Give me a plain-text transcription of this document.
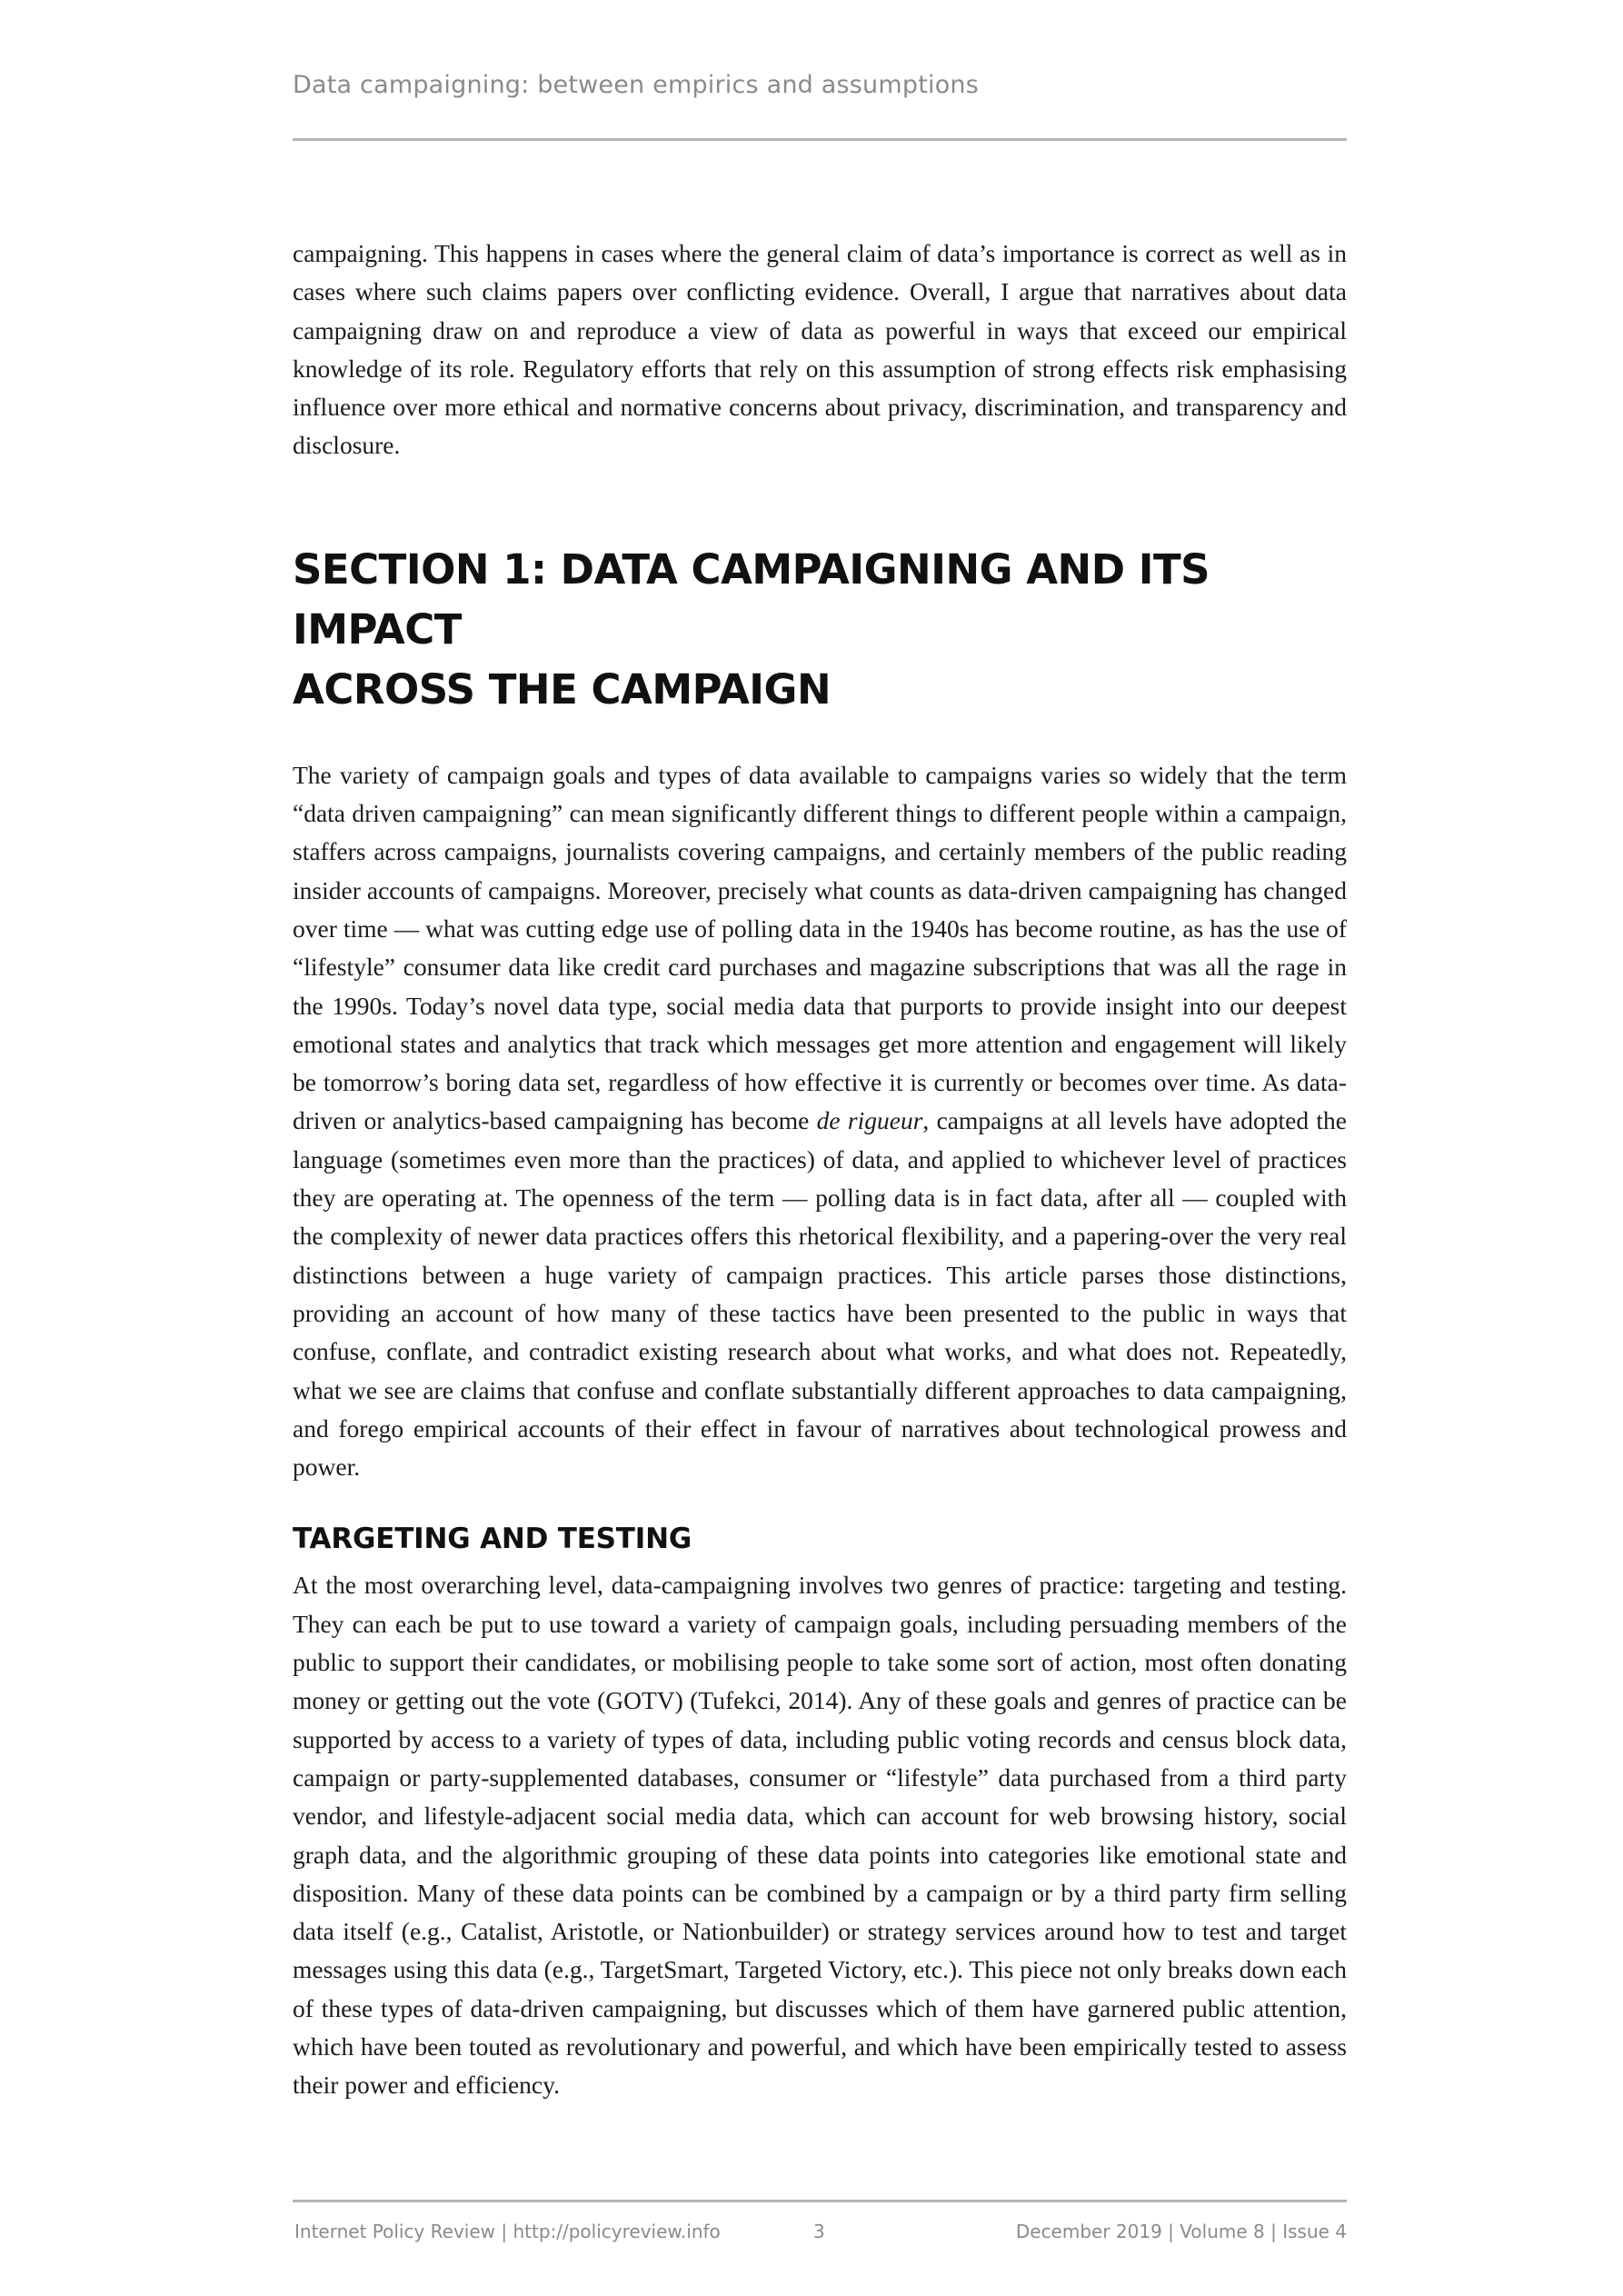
Data campaigning: between empirics and assumptions

campaigning. This happens in cases where the general claim of data’s importance is correct as well as in cases where such claims papers over conflicting evidence. Overall, I argue that narratives about data campaigning draw on and reproduce a view of data as powerful in ways that exceed our empirical knowledge of its role. Regulatory efforts that rely on this assumption of strong effects risk emphasising influence over more ethical and normative concerns about privacy, discrimination, and transparency and disclosure.

SECTION 1: DATA CAMPAIGNING AND ITS IMPACT
ACROSS THE CAMPAIGN

The variety of campaign goals and types of data available to campaigns varies so widely that the term “data driven campaigning” can mean significantly different things to different people within a campaign, staffers across campaigns, journalists covering campaigns, and certainly members of the public reading insider accounts of campaigns. Moreover, precisely what counts as data-driven campaigning has changed over time — what was cutting edge use of polling data in the 1940s has become routine, as has the use of “lifestyle” consumer data like credit card purchases and magazine subscriptions that was all the rage in the 1990s. Today’s novel data type, social media data that purports to provide insight into our deepest emotional states and analytics that track which messages get more attention and engagement will likely be tomorrow’s boring data set, regardless of how effective it is currently or becomes over time. As data-driven or analytics-based campaigning has become de rigueur, campaigns at all levels have adopted the language (sometimes even more than the practices) of data, and applied to whichever level of practices they are operating at. The openness of the term — polling data is in fact data, after all — coupled with the complexity of newer data practices offers this rhetorical flexibility, and a papering-over the very real distinctions between a huge variety of campaign practices. This article parses those distinctions, providing an account of how many of these tactics have been presented to the public in ways that confuse, conflate, and contradict existing research about what works, and what does not. Repeatedly, what we see are claims that confuse and conflate substantially different approaches to data campaigning, and forego empirical accounts of their effect in favour of narratives about technological prowess and power.

TARGETING AND TESTING

At the most overarching level, data-campaigning involves two genres of practice: targeting and testing. They can each be put to use toward a variety of campaign goals, including persuading members of the public to support their candidates, or mobilising people to take some sort of action, most often donating money or getting out the vote (GOTV) (Tufekci, 2014). Any of these goals and genres of practice can be supported by access to a variety of types of data, including public voting records and census block data, campaign or party-supplemented databases, consumer or “lifestyle” data purchased from a third party vendor, and lifestyle-adjacent social media data, which can account for web browsing history, social graph data, and the algorithmic grouping of these data points into categories like emotional state and disposition. Many of these data points can be combined by a campaign or by a third party firm selling data itself (e.g., Catalist, Aristotle, or Nationbuilder) or strategy services around how to test and target messages using this data (e.g., TargetSmart, Targeted Victory, etc.). This piece not only breaks down each of these types of data-driven campaigning, but discusses which of them have garnered public attention, which have been touted as revolutionary and powerful, and which have been empirically tested to assess their power and efficiency.

Internet Policy Review | http://policyreview.info	3	December 2019 | Volume 8 | Issue 4
